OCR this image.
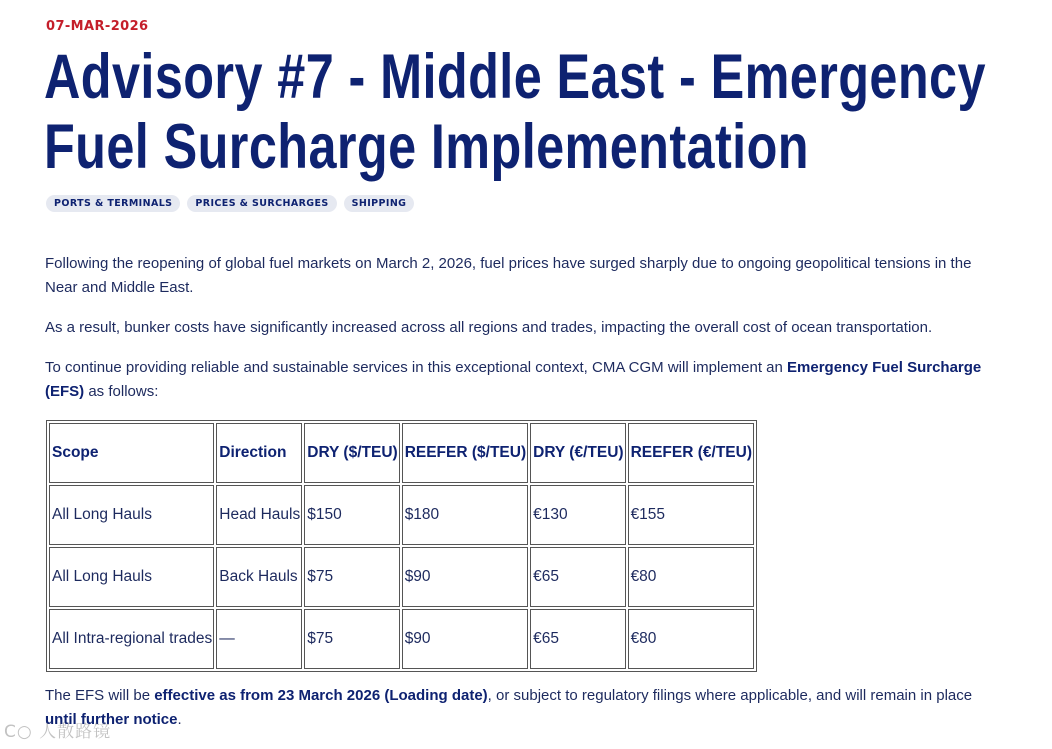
07-MAR-2026
Advisory #7 - Middle East - Emergency
Fuel Surcharge Implementation
PORTS & TERMINALS	PRICES & SURCHARGES	SHIPPING

Following the reopening of global fuel markets on March 2, 2026, fuel prices have surged sharply due to ongoing geopolitical tensions in the Near and Middle East.

As a result, bunker costs have significantly increased across all regions and trades, impacting the overall cost of ocean transportation.

To continue providing reliable and sustainable services in this exceptional context, CMA CGM will implement an Emergency Fuel Surcharge (EFS) as follows:

Scope	Direction	DRY ($/TEU)	REEFER ($/TEU)	DRY (€/TEU)	REEFER (€/TEU)
All Long Hauls	Head Hauls	$150	$180	€130	€155
All Long Hauls	Back Hauls	$75	$90	€65	€80
All Intra-regional trades	—	$75	$90	€65	€80

The EFS will be effective as from 23 March 2026 (Loading date), or subject to regulatory filings where applicable, and will remain in place until further notice.

C○ 人散路镜
